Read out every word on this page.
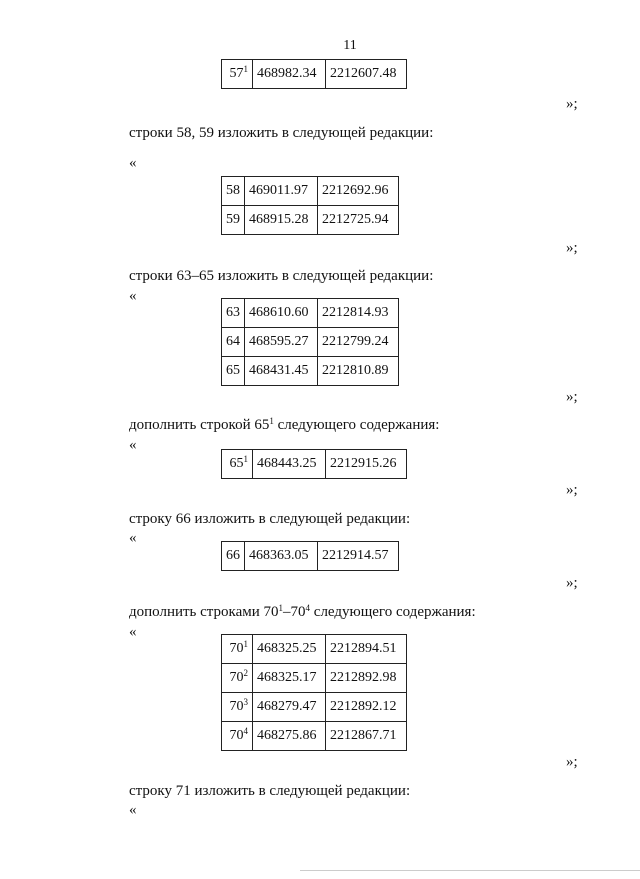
11
$57^1$	468982.34	2212607.48
»;
строки 58, 59 изложить в следующей редакции:
«
58	469011.97	2212692.96
59	468915.28	2212725.94
»;
строки 63–65 изложить в следующей редакции:
«
63	468610.60	2212814.93
64	468595.27	2212799.24
65	468431.45	2212810.89
»;
дополнить строкой $65^1$ следующего содержания:
«
$65^1$	468443.25	2212915.26
»;
строку 66 изложить в следующей редакции:
«
66	468363.05	2212914.57
»;
дополнить строками $70^1-70^4$ следующего содержания:
«
$70^1$	468325.25	2212894.51
$70^2$	468325.17	2212892.98
$70^3$	468279.47	2212892.12
$70^4$	468275.86	2212867.71
»;
строку 71 изложить в следующей редакции:
«
